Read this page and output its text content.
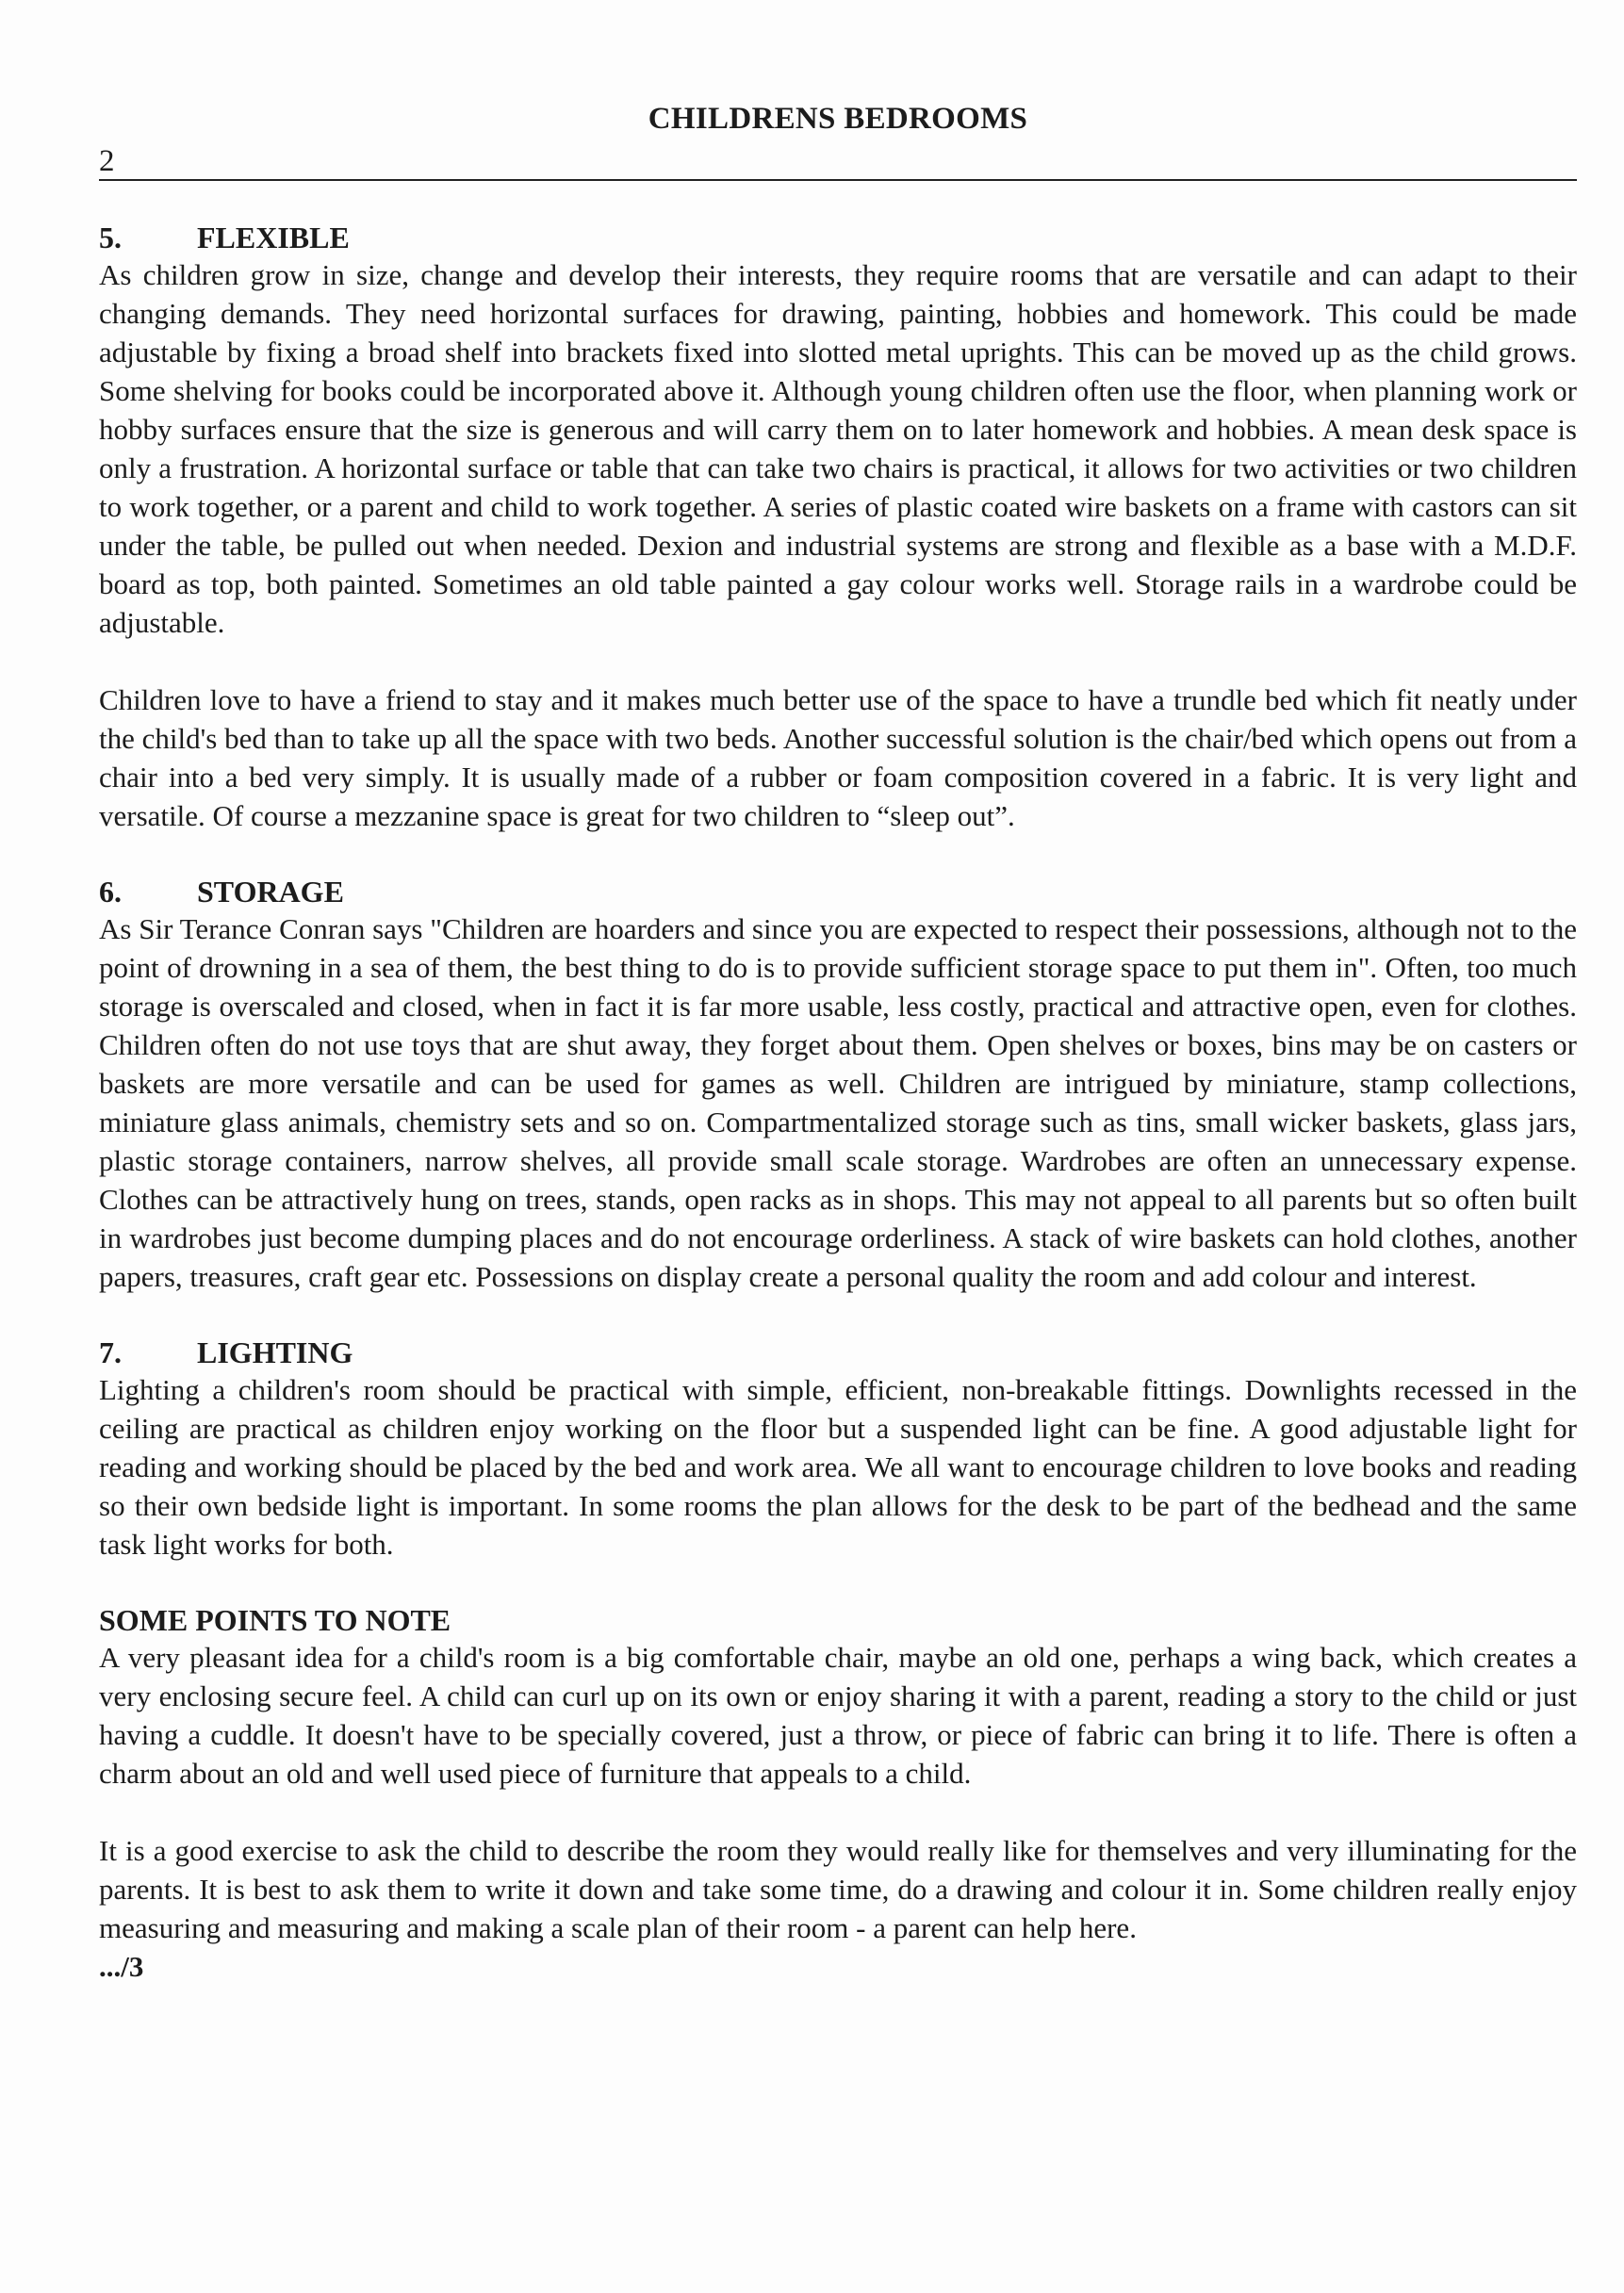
CHILDRENS BEDROOMS
2
5.	FLEXIBLE

As children grow in size, change and develop their interests, they require rooms that are versatile and can adapt to their changing demands. They need horizontal surfaces for drawing, painting, hobbies and homework. This could be made adjustable by fixing a broad shelf into brackets fixed into slotted metal uprights. This can be moved up as the child grows. Some shelving for books could be incorporated above it. Although young children often use the floor, when planning work or hobby surfaces ensure that the size is generous and will carry them on to later homework and hobbies. A mean desk space is only a frustration. A horizontal surface or table that can take two chairs is practical, it allows for two activities or two children to work together, or a parent and child to work together. A series of plastic coated wire baskets on a frame with castors can sit under the table, be pulled out when needed. Dexion and industrial systems are strong and flexible as a base with a M.D.F. board as top, both painted. Sometimes an old table painted a gay colour works well. Storage rails in a wardrobe could be adjustable.

Children love to have a friend to stay and it makes much better use of the space to have a trundle bed which fit neatly under the child's bed than to take up all the space with two beds. Another successful solution is the chair/bed which opens out from a chair into a bed very simply. It is usually made of a rubber or foam composition covered in a fabric. It is very light and versatile. Of course a mezzanine space is great for two children to “sleep out”.

6.	STORAGE

As Sir Terance Conran says "Children are hoarders and since you are expected to respect their possessions, although not to the point of drowning in a sea of them, the best thing to do is to provide sufficient storage space to put them in". Often, too much storage is overscaled and closed, when in fact it is far more usable, less costly, practical and attractive open, even for clothes. Children often do not use toys that are shut away, they forget about them. Open shelves or boxes, bins may be on casters or baskets are more versatile and can be used for games as well. Children are intrigued by miniature, stamp collections, miniature glass animals, chemistry sets and so on. Compartmentalized storage such as tins, small wicker baskets, glass jars, plastic storage containers, narrow shelves, all provide small scale storage. Wardrobes are often an unnecessary expense. Clothes can be attractively hung on trees, stands, open racks as in shops. This may not appeal to all parents but so often built in wardrobes just become dumping places and do not encourage orderliness. A stack of wire baskets can hold clothes, another papers, treasures, craft gear etc. Possessions on display create a personal quality the room and add colour and interest.

7.	LIGHTING

Lighting a children's room should be practical with simple, efficient, non-breakable fittings. Downlights recessed in the ceiling are practical as children enjoy working on the floor but a suspended light can be fine. A good adjustable light for reading and working should be placed by the bed and work area. We all want to encourage children to love books and reading so their own bedside light is important. In some rooms the plan allows for the desk to be part of the bedhead and the same task light works for both.

SOME POINTS TO NOTE

A very pleasant idea for a child's room is a big comfortable chair, maybe an old one, perhaps a wing back, which creates a very enclosing secure feel. A child can curl up on its own or enjoy sharing it with a parent, reading a story to the child or just having a cuddle. It doesn't have to be specially covered, just a throw, or piece of fabric can bring it to life. There is often a charm about an old and well used piece of furniture that appeals to a child.

It is a good exercise to ask the child to describe the room they would really like for themselves and very illuminating for the parents. It is best to ask them to write it down and take some time, do a drawing and colour it in. Some children really enjoy measuring and measuring and making a scale plan of their room - a parent can help here.

.../3
